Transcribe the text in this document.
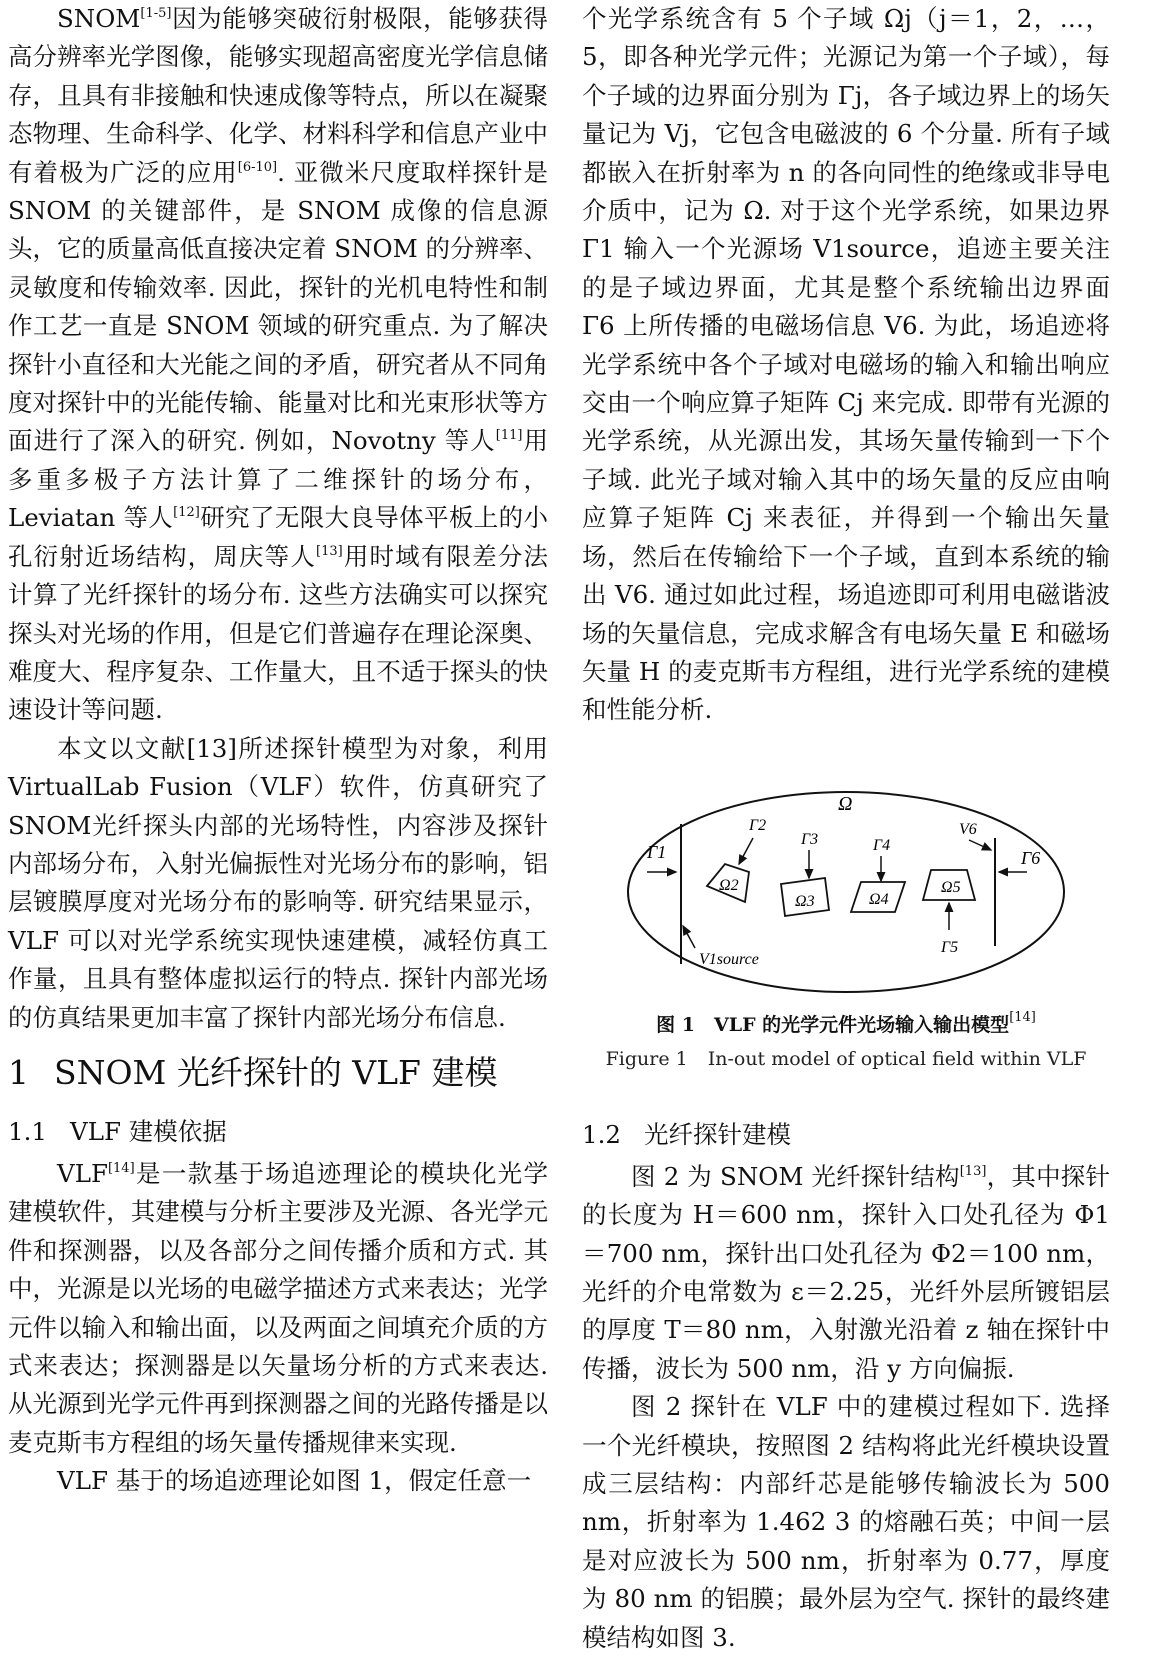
SNOM[1-5]因为能够突破衍射极限，能够获得高分辨率光学图像，能够实现超高密度光学信息储存，且具有非接触和快速成像等特点，所以在凝聚态物理、生命科学、化学、材料科学和信息产业中有着极为广泛的应用[6-10]. 亚微米尺度取样探针是 SNOM 的关键部件，是 SNOM 成像的信息源头，它的质量高低直接决定着 SNOM 的分辨率、灵敏度和传输效率. 因此，探针的光机电特性和制作工艺一直是 SNOM 领域的研究重点. 为了解决探针小直径和大光能之间的矛盾，研究者从不同角度对探针中的光能传输、能量对比和光束形状等方面进行了深入的研究. 例如，Novotny 等人[11]用多重多极子方法计算了二维探针的场分布，Leviatan 等人[12]研究了无限大良导体平板上的小孔衍射近场结构，周庆等人[13]用时域有限差分法计算了光纤探针的场分布. 这些方法确实可以探究探头对光场的作用，但是它们普遍存在理论深奥、难度大、程序复杂、工作量大，且不适于探头的快速设计等问题.

本文以文献[13]所述探针模型为对象，利用 VirtualLab Fusion（VLF）软件，仿真研究了 SNOM光纤探头内部的光场特性，内容涉及探针内部场分布，入射光偏振性对光场分布的影响，铝层镀膜厚度对光场分布的影响等. 研究结果显示，VLF 可以对光学系统实现快速建模，减轻仿真工作量，且具有整体虚拟运行的特点. 探针内部光场的仿真结果更加丰富了探针内部光场分布信息.

1 SNOM 光纤探针的 VLF 建模
1.1 VLF 建模依据

VLF[14]是一款基于场追迹理论的模块化光学建模软件，其建模与分析主要涉及光源、各光学元件和探测器，以及各部分之间传播介质和方式. 其中，光源是以光场的电磁学描述方式来表达；光学元件以输入和输出面，以及两面之间填充介质的方式来表达；探测器是以矢量场分析的方式来表达. 从光源到光学元件再到探测器之间的光路传播是以麦克斯韦方程组的场矢量传播规律来实现.

VLF 基于的场追迹理论如图 1，假定任意一

个光学系统含有 5 个子域 Ωj（j＝1，2，…，5，即各种光学元件；光源记为第一个子域），每个子域的边界面分别为 Γj，各子域边界上的场矢量记为 Vj，它包含电磁波的 6 个分量. 所有子域都嵌入在折射率为 n 的各向同性的绝缘或非导电介质中，记为 Ω. 对于这个光学系统，如果边界 Γ1 输入一个光源场 V1source，追迹主要关注的是子域边界面，尤其是整个系统输出边界面 Γ6 上所传播的电磁场信息 V6. 为此，场追迹将光学系统中各个子域对电磁场的输入和输出响应交由一个响应算子矩阵 Cj 来完成. 即带有光源的光学系统，从光源出发，其场矢量传输到一下个子域. 此光子域对输入其中的场矢量的反应由响应算子矩阵 Cj 来表征，并得到一个输出矢量场，然后在传输给下一个子域，直到本系统的输出 V6. 通过如此过程，场追迹即可利用电磁谐波场的矢量信息，完成求解含有电场矢量 E 和磁场矢量 H 的麦克斯韦方程组，进行光学系统的建模和性能分析.

Ω
Γ1
V1source
Ω2
Γ2
Ω3
Γ3
Ω4
Γ4
Ω5
Γ5
Γ6
V6
图 1　 VLF 的光学元件光场输入输出模型[14]
Figure 1 In-out model of optical field within VLF
1.2 光纤探针建模

图 2 为 SNOM 光纤探针结构[13]，其中探针的长度为 H＝600 nm，探针入口处孔径为 Φ1＝700 nm，探针出口处孔径为 Φ2＝100 nm，光纤的介电常数为 ε＝2.25，光纤外层所镀铝层的厚度 T＝80 nm，入射激光沿着 z 轴在探针中传播，波长为 500 nm，沿 y 方向偏振.

图 2 探针在 VLF 中的建模过程如下. 选择一个光纤模块，按照图 2 结构将此光纤模块设置成三层结构：内部纤芯是能够传输波长为 500 nm，折射率为 1.462 3 的熔融石英；中间一层是对应波长为 500 nm，折射率为 0.77，厚度为 80 nm 的铝膜；最外层为空气. 探针的最终建模结构如图 3.
